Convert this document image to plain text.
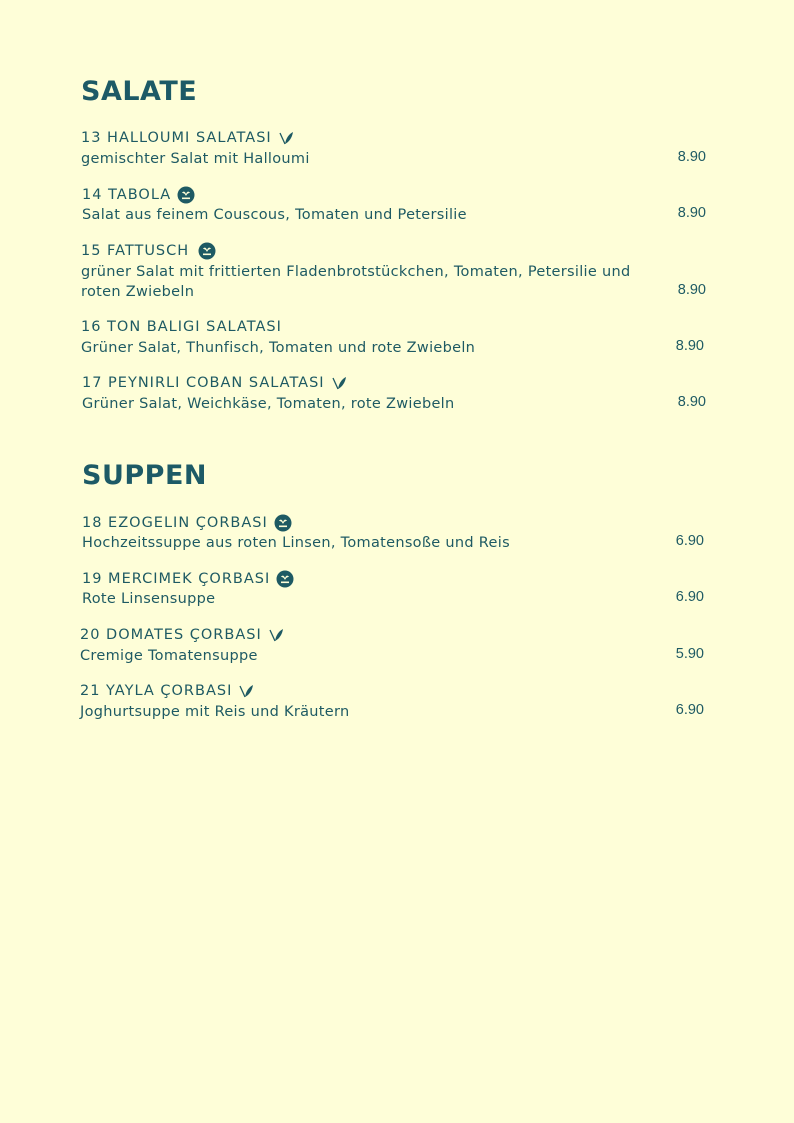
SALATE
13 HALLOUMI SALATASI
gemischter Salat mit Halloumi	8.90
14 TABOLA
Salat aus feinem Couscous, Tomaten und Petersilie	8.90
15 FATTUSCH
grüner Salat mit frittierten Fladenbrotstückchen, Tomaten, Petersilie und roten Zwiebeln	8.90
16 TON BALIGI SALATASI
Grüner Salat, Thunfisch, Tomaten und rote Zwiebeln	8.90
17 PEYNIRLI COBAN SALATASI
Grüner Salat, Weichkäse, Tomaten, rote Zwiebeln	8.90
SUPPEN
18 EZOGELIN ÇORBASI
Hochzeitssuppe aus roten Linsen, Tomatensoße und Reis	6.90
19 MERCIMEK ÇORBASI
Rote Linsensuppe	6.90
20 DOMATES ÇORBASI
Cremige Tomatensuppe	5.90
21 YAYLA ÇORBASI
Joghurtsuppe mit Reis und Kräutern	6.90
